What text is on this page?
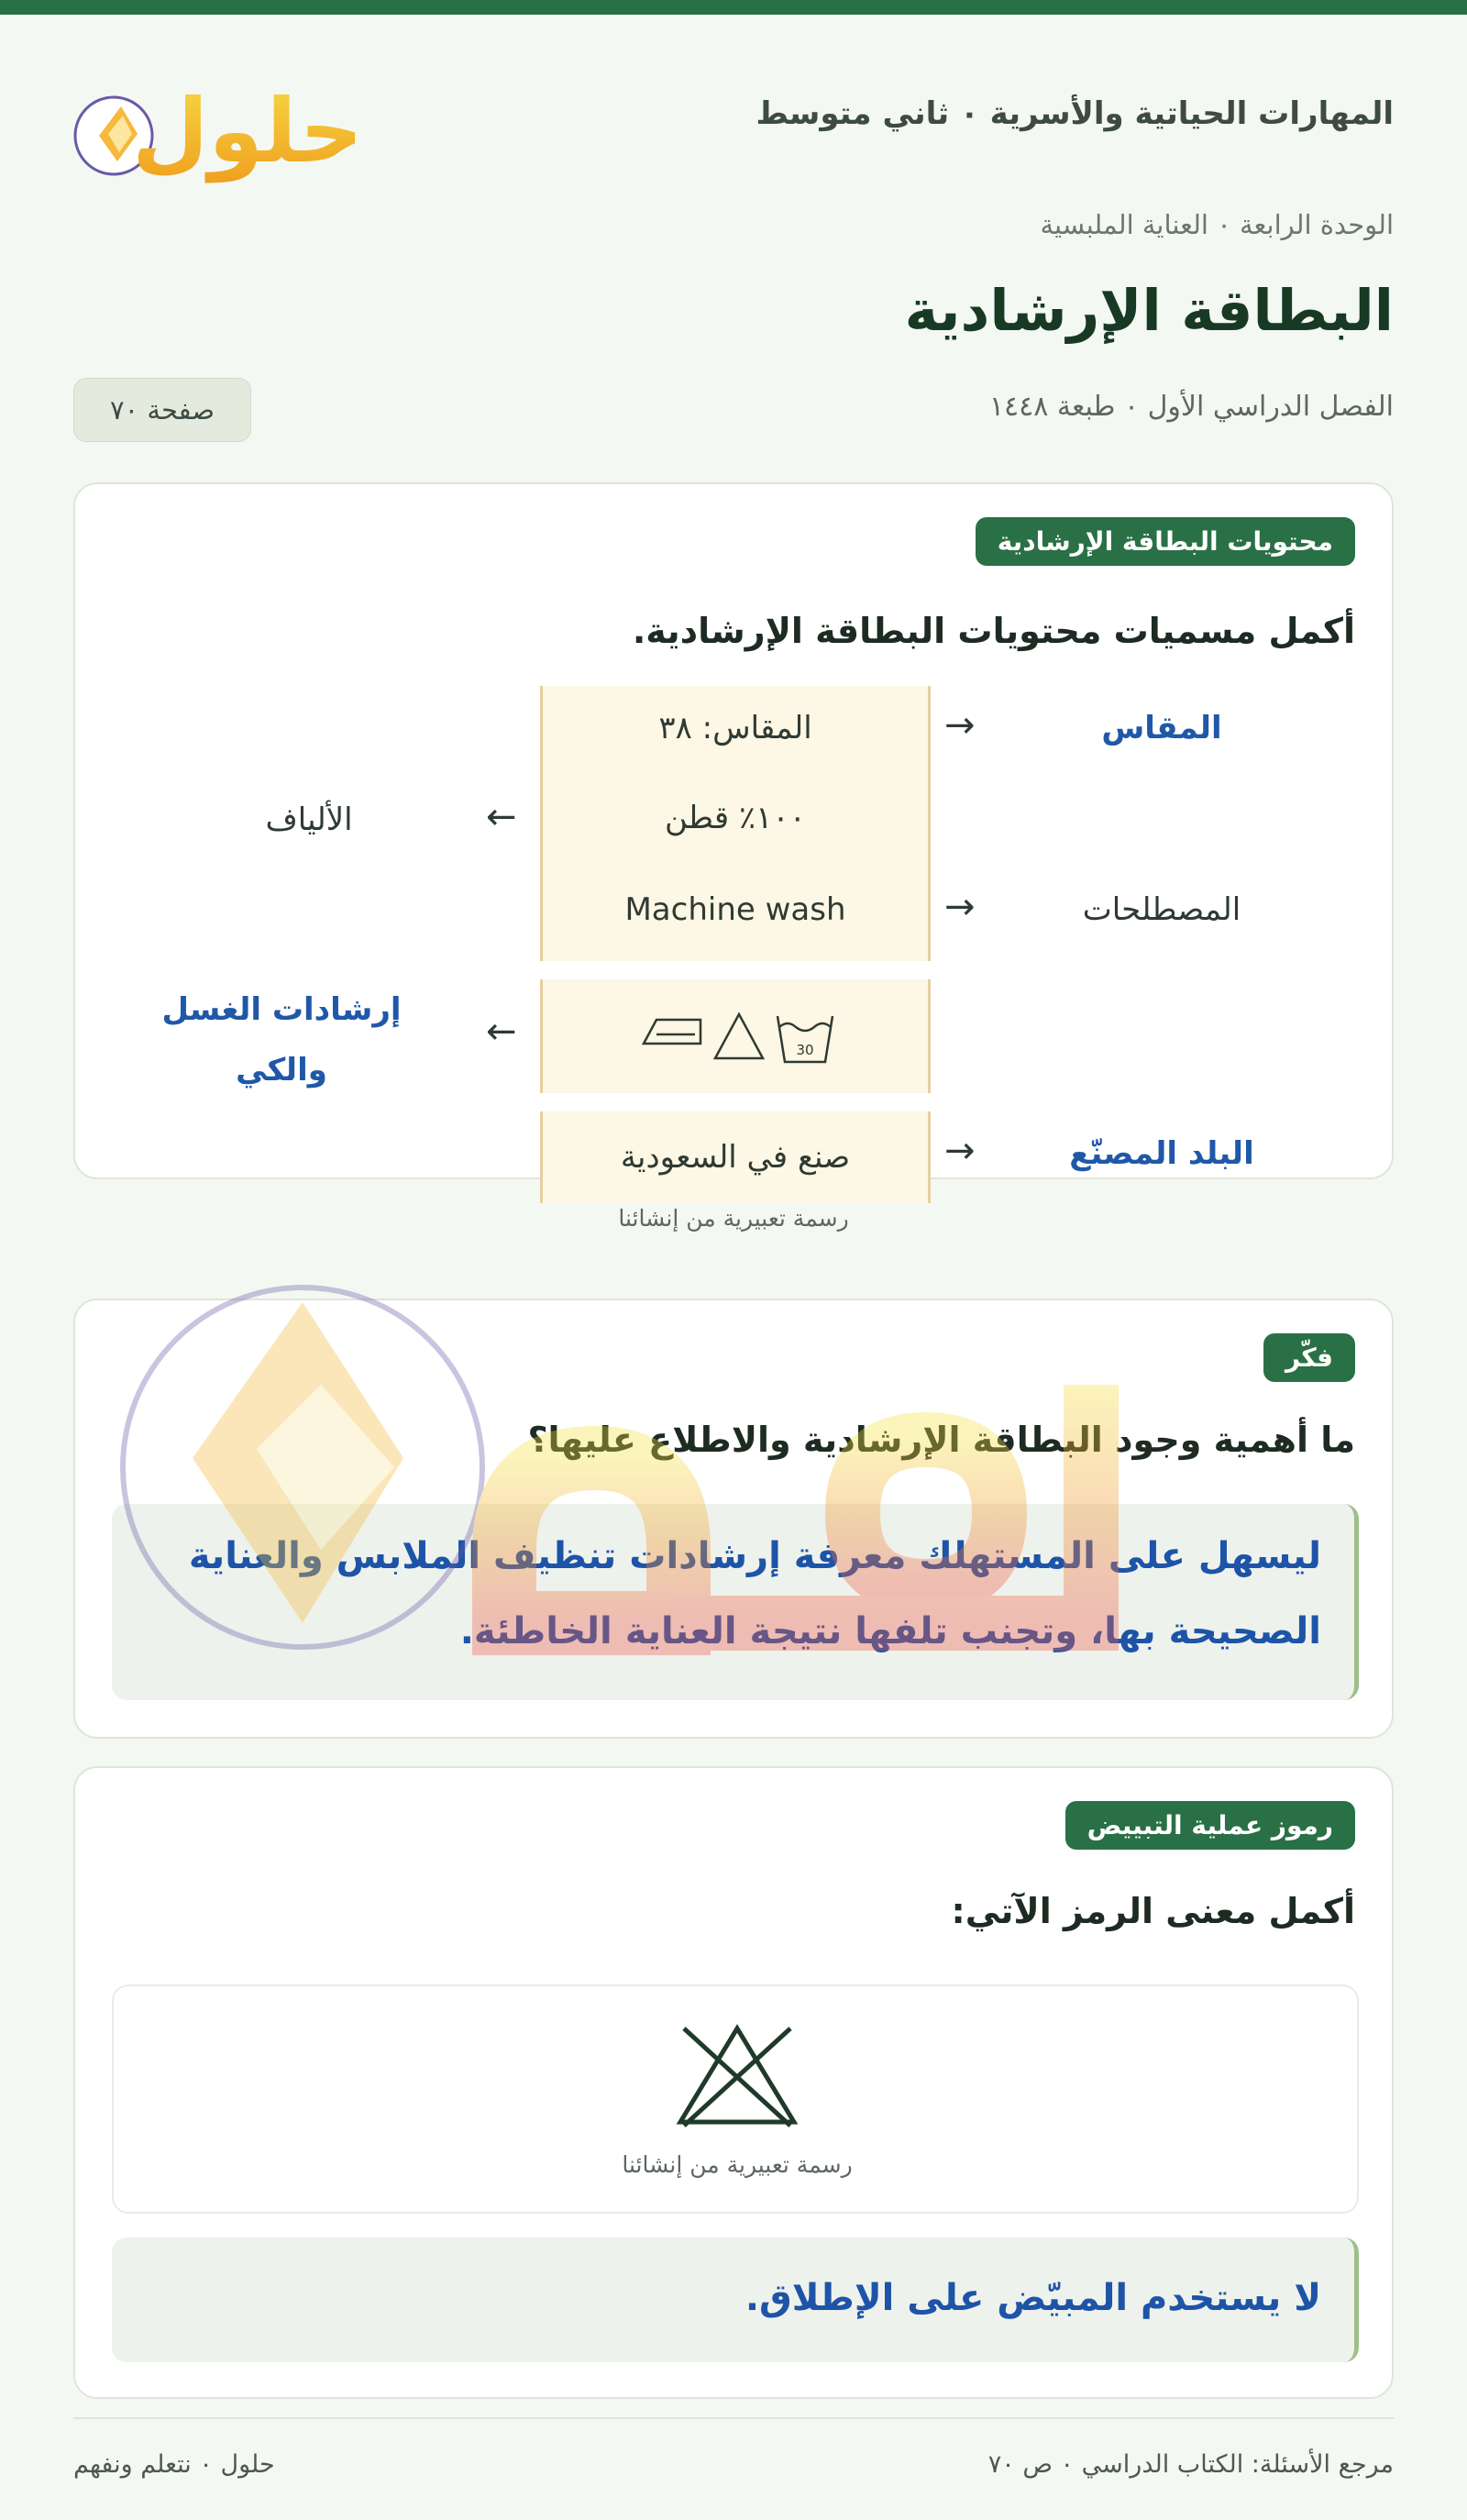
المهارات الحياتية والأسرية ٠ ثاني متوسط
حلول
الوحدة الرابعة ٠ العناية الملبسية
البطاقة الإرشادية
الفصل الدراسي الأول ٠ طبعة ١٤٤٨
صفحة ٧٠
محتويات البطاقة الإرشادية
أكمل مسميات محتويات البطاقة الإرشادية.
المقاس: ٣٨
١٠٠٪ قطن
Machine wash
30
صنع في السعودية
→
←
→
←
→
المقاس
الألياف
المصطلحات
إرشادات الغسل
والكي
البلد المصنّع
رسمة تعبيرية من إنشائنا
فكّر
ما أهمية وجود البطاقة الإرشادية والاطلاع عليها؟
ليسهل على المستهلك معرفة إرشادات تنظيف الملابس والعناية الصحيحة بها، وتجنب تلفها نتيجة العناية الخاطئة.
رموز عملية التبييض
أكمل معنى الرمز الآتي:
رسمة تعبيرية من إنشائنا
لا يستخدم المبيّض على الإطلاق.
مرجع الأسئلة: الكتاب الدراسي ٠ ص ٧٠
حلول ٠ نتعلم ونفهم
